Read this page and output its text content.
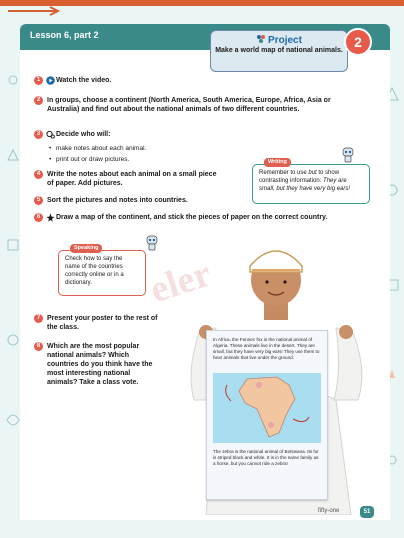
Lesson 6, part 2	Project
Make a world map of national animals.
2
1	Watch the video.
2 In groups, choose a continent (North America, South America, Europe, Africa, Asia or Australia) and find out about the national animals of two different countries.
3	Decide who will:
• make notes about each animal.
• print out or draw pictures.
4 Write the notes about each animal on a small piece of paper. Add pictures.
5 Sort the pictures and notes into countries.
6	Draw a map of the continent, and stick the pieces of paper on the correct country.
Remember to use but to show contrasting information: They are small, but they have very big ears!
Writing
Check how to say the name of the countries correctly online or in a dictionary.
Speaking
eler
7 Present your poster to the rest of the class.
8 Which are the most popular national animals? Which countries do you think have the most interesting national animals? Take a class vote.
In Africa, the Fennec fox is the national animal of Algeria. These animals live in the desert. They are small, but they have very big ears! They use them to hear animals that live under the ground.
The zebra is the national animal of Botswana. Its fur is striped black and white. It is in the same family as a horse, but you cannot ride a zebra!
fifty-one	51
